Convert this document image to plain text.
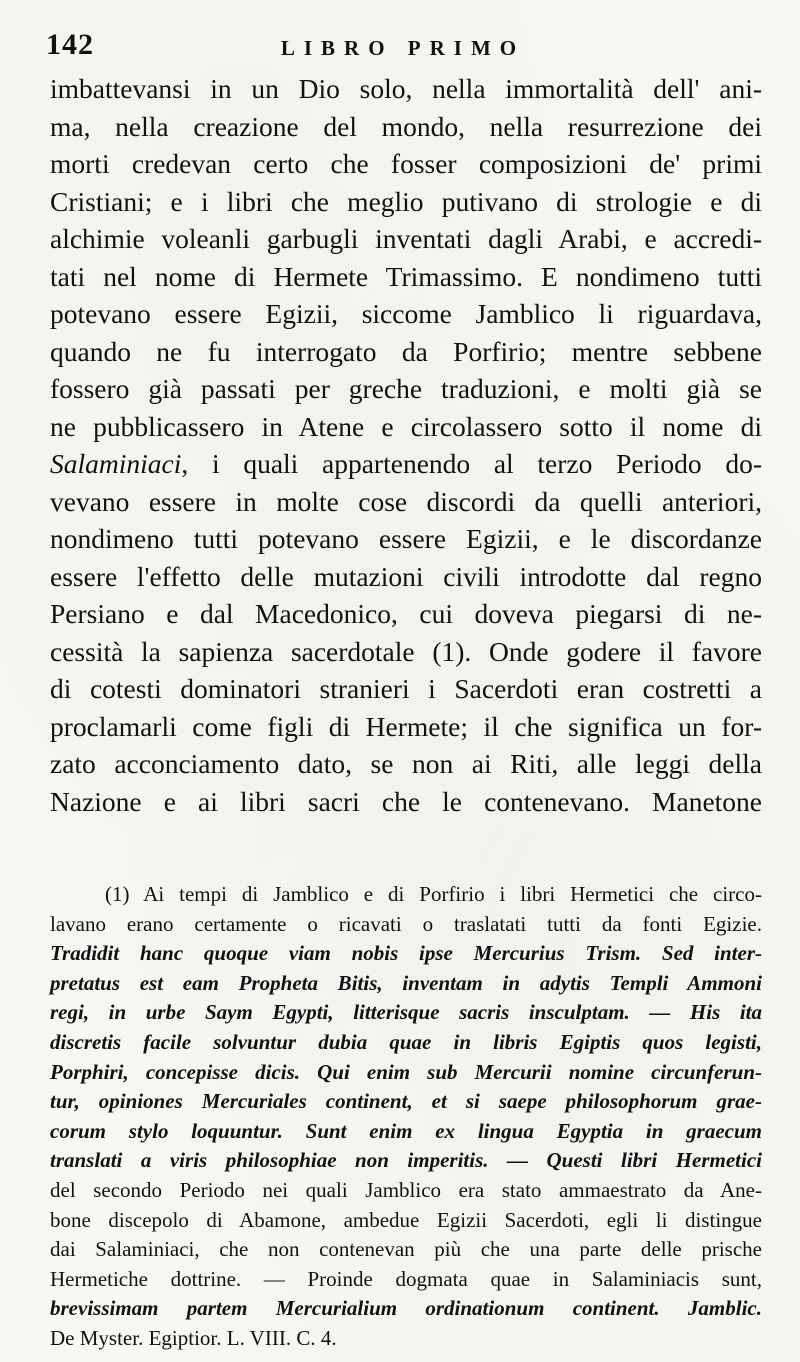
142	LIBRO PRIMO
imbattevansi in un Dio solo, nella immortalità dell' ani-
ma, nella creazione del mondo, nella resurrezione dei
morti credevan certo che fosser composizioni de' primi
Cristiani; e i libri che meglio putivano di strologie e di
alchimie voleanli garbugli inventati dagli Arabi, e accredi-
tati nel nome di Hermete Trimassimo. E nondimeno tutti
potevano essere Egizii, siccome Jamblico li riguardava,
quando ne fu interrogato da Porfirio; mentre sebbene
fossero già passati per greche traduzioni, e molti già se
ne pubblicassero in Atene e circolassero sotto il nome di
Salaminiaci, i quali appartenendo al terzo Periodo do-
vevano essere in molte cose discordi da quelli anteriori,
nondimeno tutti potevano essere Egizii, e le discordanze
essere l'effetto delle mutazioni civili introdotte dal regno
Persiano e dal Macedonico, cui doveva piegarsi di ne-
cessità la sapienza sacerdotale (1). Onde godere il favore
di cotesti dominatori stranieri i Sacerdoti eran costretti a
proclamarli come figli di Hermete; il che significa un for-
zato acconciamento dato, se non ai Riti, alle leggi della
Nazione e ai libri sacri che le contenevano. Manetone
(1) Ai tempi di Jamblico e di Porfirio i libri Hermetici che circo-
lavano erano certamente o ricavati o traslatati tutti da fonti Egizie.
Tradidit hanc quoque viam nobis ipse Mercurius Trism. Sed inter-
pretatus est eam Propheta Bitis, inventam in adytis Templi Ammoni
regi, in urbe Saym Egypti, litterisque sacris insculptam. — His ita
discretis facile solvuntur dubia quae in libris Egiptis quos legisti,
Porphiri, concepisse dicis. Qui enim sub Mercurii nomine circunferun-
tur, opiniones Mercuriales continent, et si saepe philosophorum grae-
corum stylo loquuntur. Sunt enim ex lingua Egyptia in graecum
translati a viris philosophiae non imperitis. — Questi libri Hermetici
del secondo Periodo nei quali Jamblico era stato ammaestrato da Ane-
bone discepolo di Abamone, ambedue Egizii Sacerdoti, egli li distingue
dai Salaminiaci, che non contenevan più che una parte delle prische
Hermetiche dottrine. — Proinde dogmata quae in Salaminiacis sunt,
brevissimam partem Mercurialium ordinationum continent. Jamblic.
De Myster. Egiptior. L. VIII. C. 4.
